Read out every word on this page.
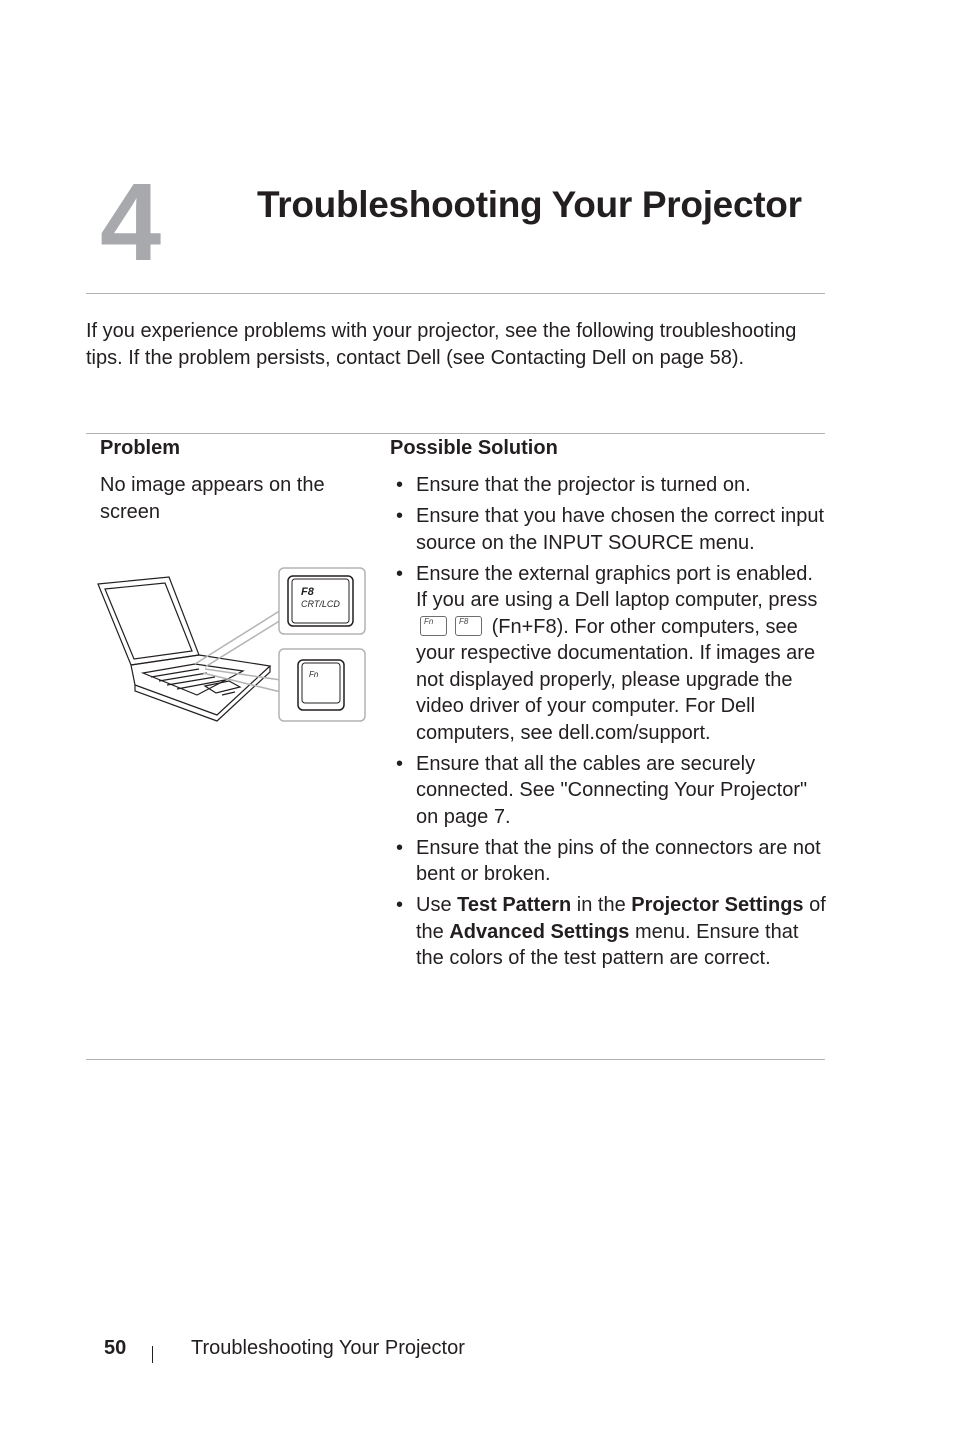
4	Troubleshooting Your Projector

If you experience problems with your projector, see the following troubleshooting tips. If the problem persists, contact Dell (see Contacting Dell on page 58).

Problem	Possible Solution
No image appears on the screen
F8
CRT/LCD
Fn
• Ensure that the projector is turned on.
• Ensure that you have chosen the correct input source on the INPUT SOURCE menu.
• Ensure the external graphics port is enabled. If you are using a Dell laptop computer, press
Fn	F8 (Fn+F8). For other computers, see your respective documentation. If images are not displayed properly, please upgrade the video driver of your computer. For Dell computers, see dell.com/support.
• Ensure that all the cables are securely connected. See "Connecting Your Projector" on page 7.
• Ensure that the pins of the connectors are not bent or broken.
• Use Test Pattern in the Projector Settings of the Advanced Settings menu. Ensure that the colors of the test pattern are correct.
50	Troubleshooting Your Projector
